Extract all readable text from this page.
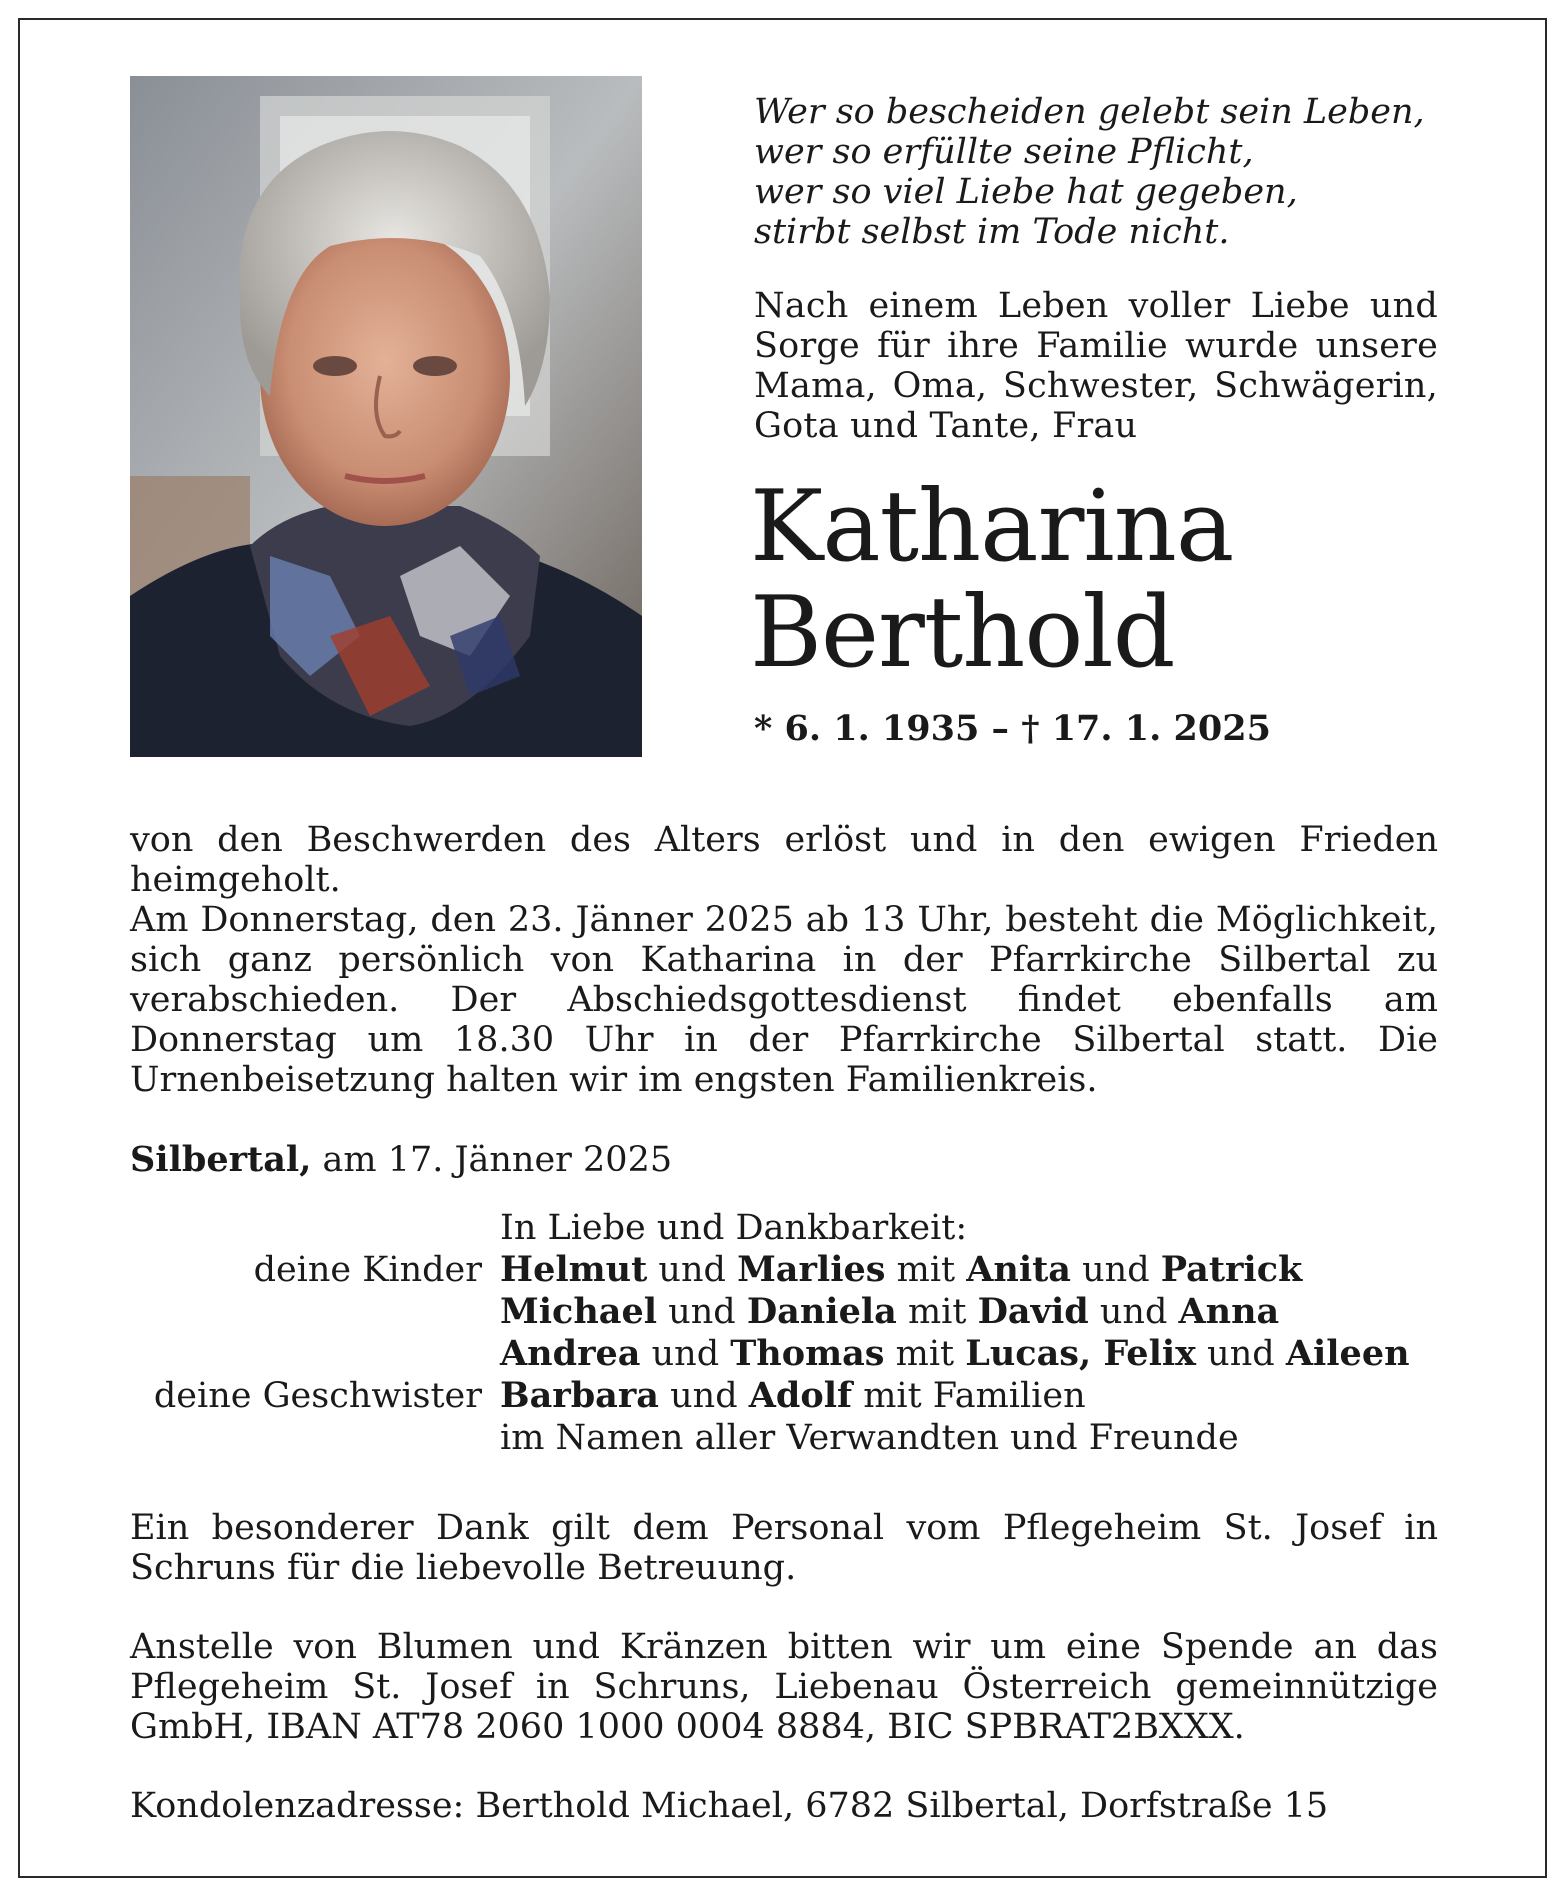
Wer so bescheiden gelebt sein Leben,
wer so erfüllte seine Pflicht,
wer so viel Liebe hat gegeben,
stirbt selbst im Tode nicht.

Nach einem Leben voller Liebe und Sorge für ihre Familie wurde unsere Mama, Oma, Schwester, Schwägerin, Gota und Tante, Frau

Katharina
Berthold
* 6. 1. 1935 – † 17. 1. 2025

von den Beschwerden des Alters erlöst und in den ewigen Frieden heimgeholt.

Am Donnerstag, den 23. Jänner 2025 ab 13 Uhr, besteht die Möglichkeit, sich ganz persönlich von Katharina in der Pfarrkirche Silbertal zu verabschieden. Der Abschiedsgottesdienst findet ebenfalls am Donnerstag um 18.30 Uhr in der Pfarrkirche Silbertal statt. Die Urnenbeisetzung halten wir im engsten Familienkreis.

Silbertal, am 17. Jänner 2025
In Liebe und Dankbarkeit:
deine Kinder Helmut und Marlies mit Anita und Patrick
Michael und Daniela mit David und Anna
Andrea und Thomas mit Lucas, Felix und Aileen
deine Geschwister Barbara und Adolf mit Familien
im Namen aller Verwandten und Freunde

Ein besonderer Dank gilt dem Personal vom Pflegeheim St. Josef in Schruns für die liebevolle Betreuung.

Anstelle von Blumen und Kränzen bitten wir um eine Spende an das Pflegeheim St. Josef in Schruns, Liebenau Österreich gemeinnützige GmbH, IBAN AT78 2060 1000 0004 8884, BIC SPBRAT2BXXX.

Kondolenzadresse: Berthold Michael, 6782 Silbertal, Dorfstraße 15
